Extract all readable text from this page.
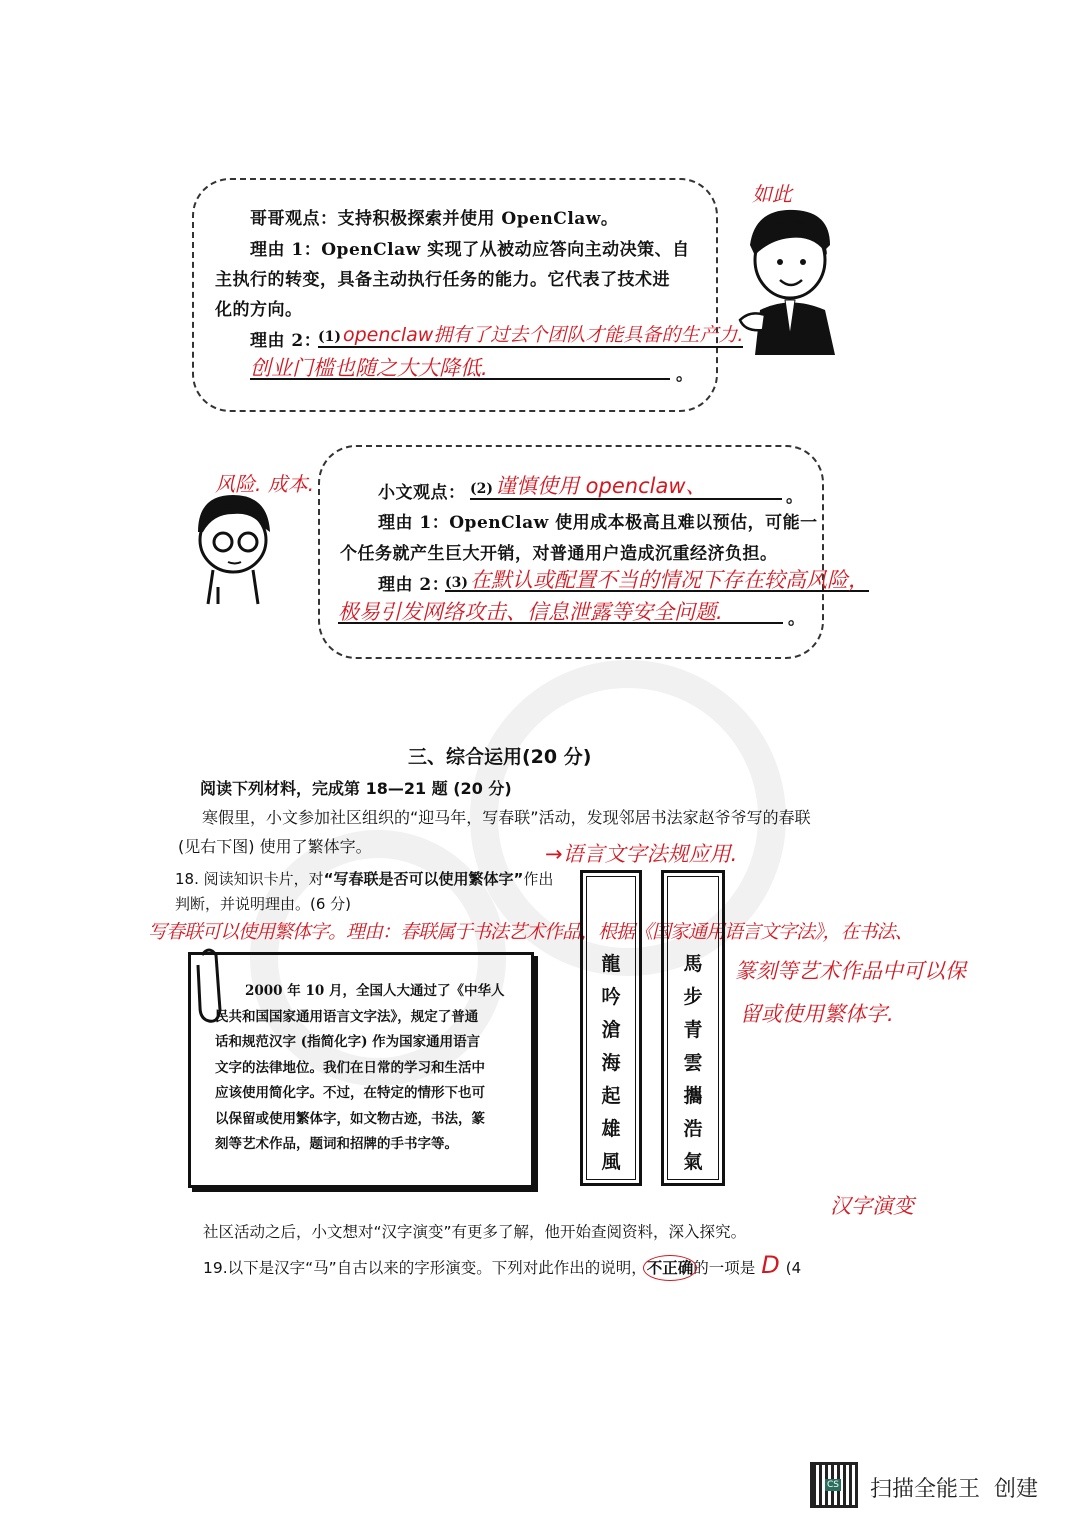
哥哥观点：支持积极探索并使用 OpenClaw。
理由 1：OpenClaw 实现了从被动应答向主动决策、自
主执行的转变，具备主动执行任务的能力。它代表了技术进
化的方向。
理由 2：
(1) openclaw拥有了过去个团队才能具备的生产力.
创业门槛也随之大大降低.	。
如此
小文观点： (2)谨慎使用 openclaw、	。
理由 1：OpenClaw 使用成本极高且难以预估，可能一
个任务就产生巨大开销，对普通用户造成沉重经济负担。
理由 2：
(3)在默认或配置不当的情况下存在较高风险，
极易引发网络攻击、信息泄露等安全问题.	。
风险. 成本.
三、综合运用(20 分)
阅读下列材料，完成第 18—21 题 (20 分)
寒假里，小文参加社区组织的“迎马年，写春联”活动，发现邻居书法家赵爷爷写的春联
(见右下图) 使用了繁体字。
18. 阅读知识卡片，对“写春联是否可以使用繁体字”作出
判断，并说明理由。(6 分)
→语言文字法规应用.
写春联可以使用繁体字。理由：春联属于书法艺术作品，根据《国家通用语言文字法》，在书法、
篆刻等艺术作品中可以保
留或使用繁体字.
2000 年 10 月，全国人大通过了《中华人
民共和国国家通用语言文字法》，规定了普通
话和规范汉字 (指简化字) 作为国家通用语言
文字的法律地位。我们在日常的学习和生活中
应该使用简化字。不过，在特定的情形下也可
以保留或使用繁体字，如文物古迹，书法，篆
刻等艺术作品，题词和招牌的手书字等。
龍
吟
滄
海
起
雄
風
馬
步
青
雲
攜
浩
氣
汉字演变
社区活动之后，小文想对“汉字演变”有更多了解，他开始查阅资料，深入探究。
19.以下是汉字“马”自古以来的字形演变。下列对此作出的说明，不正确的一项是 D (4
CS 扫描全能王  创建
